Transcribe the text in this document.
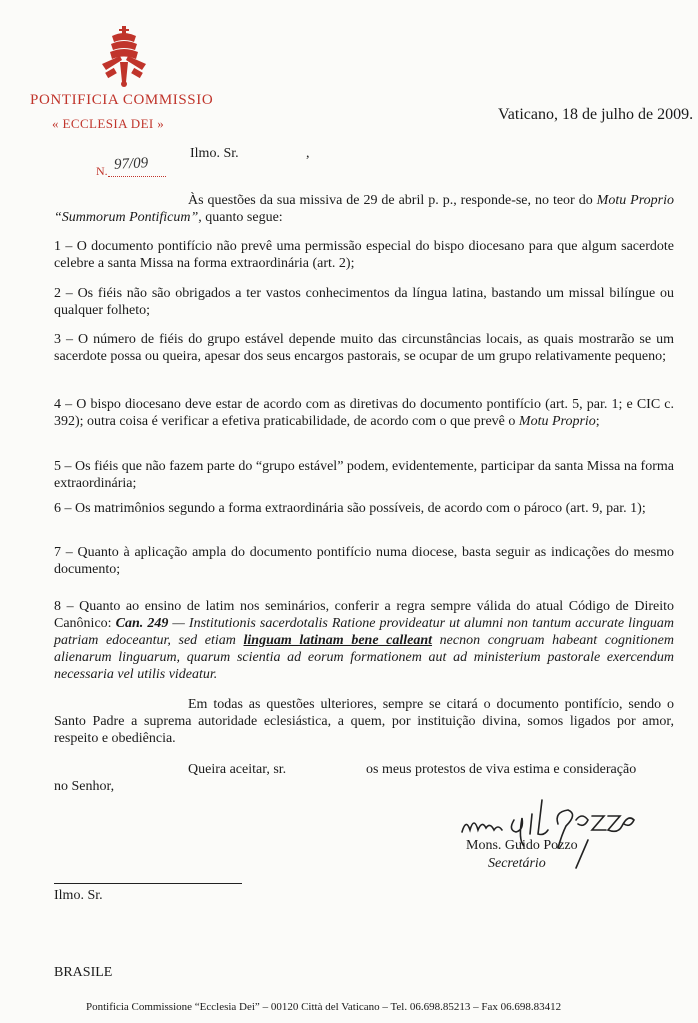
PONTIFICIA COMMISSIO
« ECCLESIA DEI »
Vaticano, 18 de julho de 2009.
Ilmo. Sr.	,
N. 97/09
Às questões da sua missiva de 29 de abril p. p., responde-se, no teor do Motu Proprio “Summorum Pontificum”, quanto segue:
1 – O documento pontifício não prevê uma permissão especial do bispo diocesano para que algum sacerdote celebre a santa Missa na forma extraordinária (art. 2);
2 – Os fiéis não são obrigados a ter vastos conhecimentos da língua latina, bastando um missal bilíngue ou qualquer folheto;
3 – O número de fiéis do grupo estável depende muito das circunstâncias locais, as quais mostrarão se um sacerdote possa ou queira, apesar dos seus encargos pastorais, se ocupar de um grupo relativamente pequeno;
4 – O bispo diocesano deve estar de acordo com as diretivas do documento pontifício (art. 5, par. 1; e CIC c. 392); outra coisa é verificar a efetiva praticabilidade, de acordo com o que prevê o Motu Proprio;
5 – Os fiéis que não fazem parte do “grupo estável” podem, evidentemente, participar da santa Missa na forma extraordinária;
6 – Os matrimônios segundo a forma extraordinária são possíveis, de acordo com o pároco (art. 9, par. 1);
7 – Quanto à aplicação ampla do documento pontifício numa diocese, basta seguir as indicações do mesmo documento;
8 – Quanto ao ensino de latim nos seminários, conferir a regra sempre válida do atual Código de Direito Canônico: Can. 249 — Institutionis sacerdotalis Ratione provideatur ut alumni non tantum accurate linguam patriam edoceantur, sed etiam linguam latinam bene calleant necnon congruam habeant cognitionem alienarum linguarum, quarum scientia ad eorum formationem aut ad ministerium pastorale exercendum necessaria vel utilis videatur.
Em todas as questões ulteriores, sempre se citará o documento pontifício, sendo o Santo Padre a suprema autoridade eclesiástica, a quem, por instituição divina, somos ligados por amor, respeito e obediência.
Queira aceitar, sr.	os meus protestos de viva estima e consideração
no Senhor,
Mons. Guido Pozzo
Secretário
Ilmo. Sr.
BRASILE
Pontificia Commissione “Ecclesia Dei” – 00120 Città del Vaticano – Tel. 06.698.85213 – Fax 06.698.83412
